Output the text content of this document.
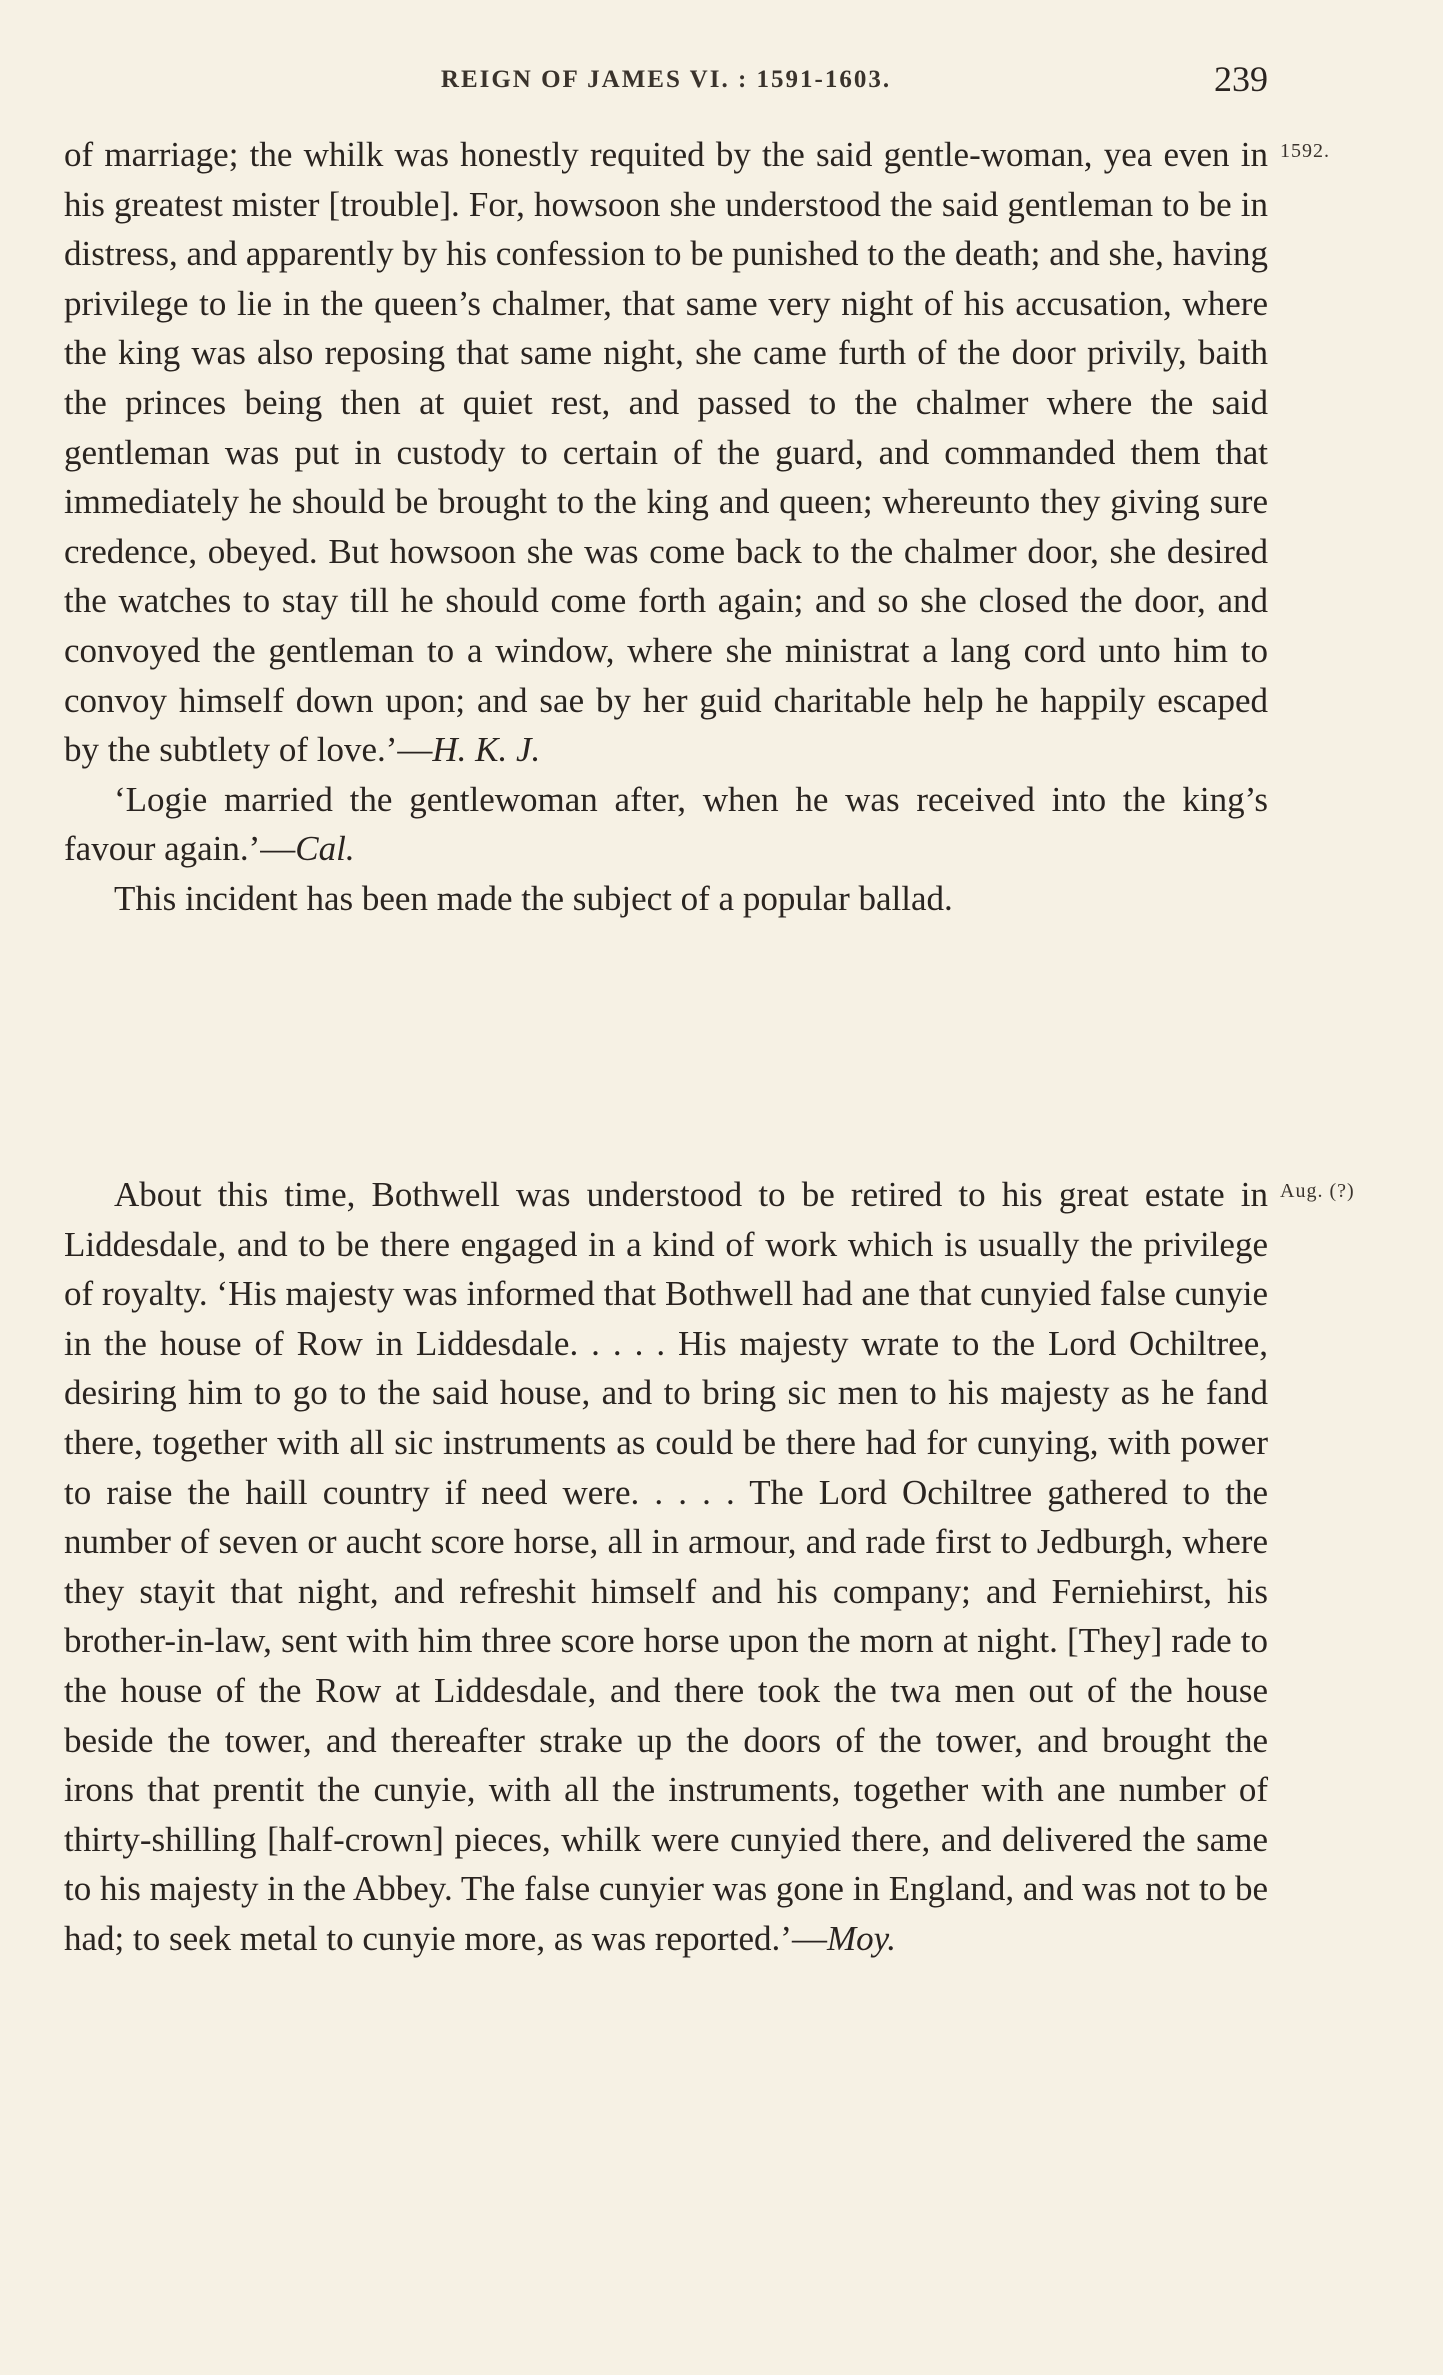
REIGN OF JAMES VI. : 1591-1603.	239
1592.
Aug. (?)

of marriage; the whilk was honestly requited by the said gentle-woman, yea even in his greatest mister [trouble]. For, howsoon she understood the said gentleman to be in distress, and apparently by his confession to be punished to the death; and she, having privilege to lie in the queen’s chalmer, that same very night of his accusation, where the king was also reposing that same night, she came furth of the door privily, baith the princes being then at quiet rest, and passed to the chalmer where the said gentleman was put in custody to certain of the guard, and commanded them that immediately he should be brought to the king and queen; whereunto they giving sure credence, obeyed. But howsoon she was come back to the chalmer door, she desired the watches to stay till he should come forth again; and so she closed the door, and convoyed the gentleman to a window, where she ministrat a lang cord unto him to convoy himself down upon; and sae by her guid charitable help he happily escaped by the subtlety of love.’—H. K. J.

‘Logie married the gentlewoman after, when he was received into the king’s favour again.’—Cal.

This incident has been made the subject of a popular ballad.

About this time, Bothwell was understood to be retired to his great estate in Liddesdale, and to be there engaged in a kind of work which is usually the privilege of royalty. ‘His majesty was informed that Bothwell had ane that cunyied false cunyie in the house of Row in Liddesdale. . . . . His majesty wrate to the Lord Ochiltree, desiring him to go to the said house, and to bring sic men to his majesty as he fand there, together with all sic instruments as could be there had for cunying, with power to raise the haill country if need were. . . . . The Lord Ochiltree gathered to the number of seven or aucht score horse, all in armour, and rade first to Jedburgh, where they stayit that night, and refreshit himself and his company; and Ferniehirst, his brother-in-law, sent with him three score horse upon the morn at night. [They] rade to the house of the Row at Liddesdale, and there took the twa men out of the house beside the tower, and thereafter strake up the doors of the tower, and brought the irons that prentit the cunyie, with all the instruments, together with ane number of thirty-shilling [half-crown] pieces, whilk were cunyied there, and delivered the same to his majesty in the Abbey. The false cunyier was gone in England, and was not to be had; to seek metal to cunyie more, as was reported.’—Moy.
